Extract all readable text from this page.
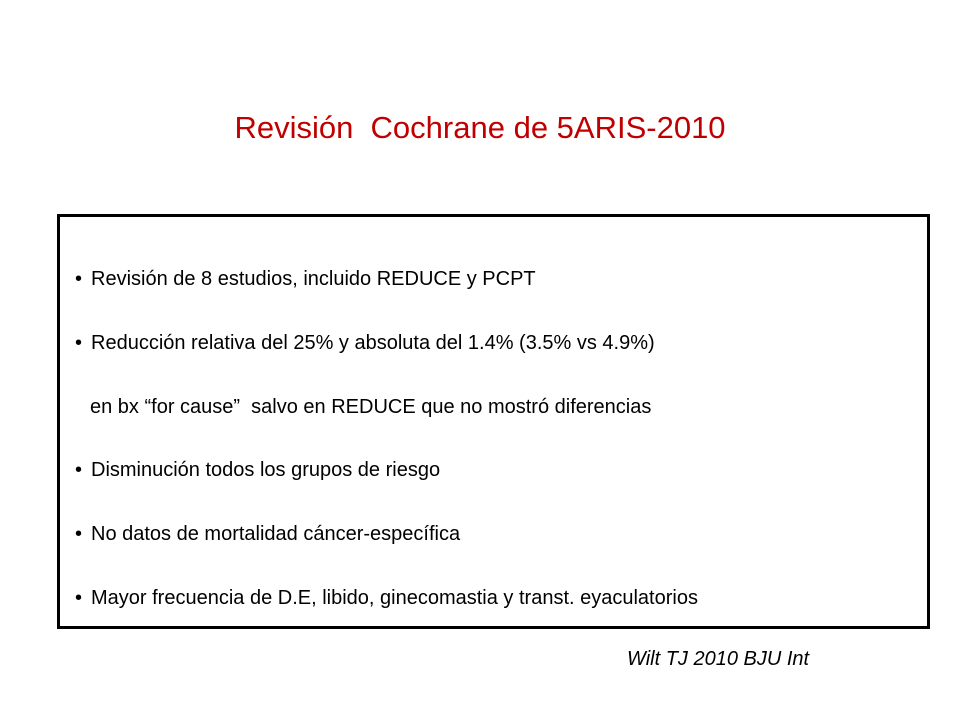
Revisión  Cochrane de 5ARIS-2010
• Revisión de 8 estudios, incluido REDUCE y PCPT
• Reducción relativa del 25% y absoluta del 1.4% (3.5% vs 4.9%)
en bx “for cause”  salvo en REDUCE que no mostró diferencias
• Disminución todos los grupos de riesgo
• No datos de mortalidad cáncer-específica
• Mayor frecuencia de D.E, libido, ginecomastia y transt. eyaculatorios
Wilt TJ 2010 BJU Int
